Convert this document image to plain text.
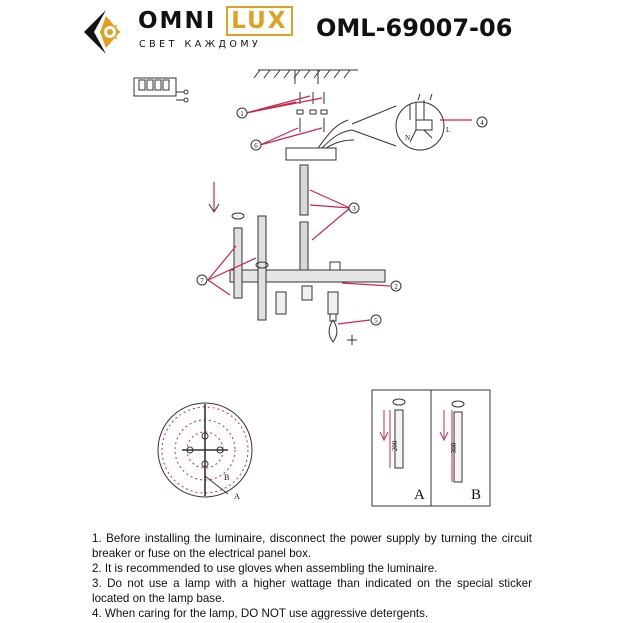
OMNI LUX
СВЕТ КАЖДОМУ
OML-69007-06
1
2
3
4
5
6
7
N
L
B
A
200	300
A	B

1. Before installing the luminaire, disconnect the power supply by turning the circuit breaker or fuse on the electrical panel box.

2. It is recommended to use gloves when assembling the luminaire.

3. Do not use a lamp with a higher wattage than indicated on the special sticker located on the lamp base.

4. When caring for the lamp, DO NOT use aggressive detergents.
